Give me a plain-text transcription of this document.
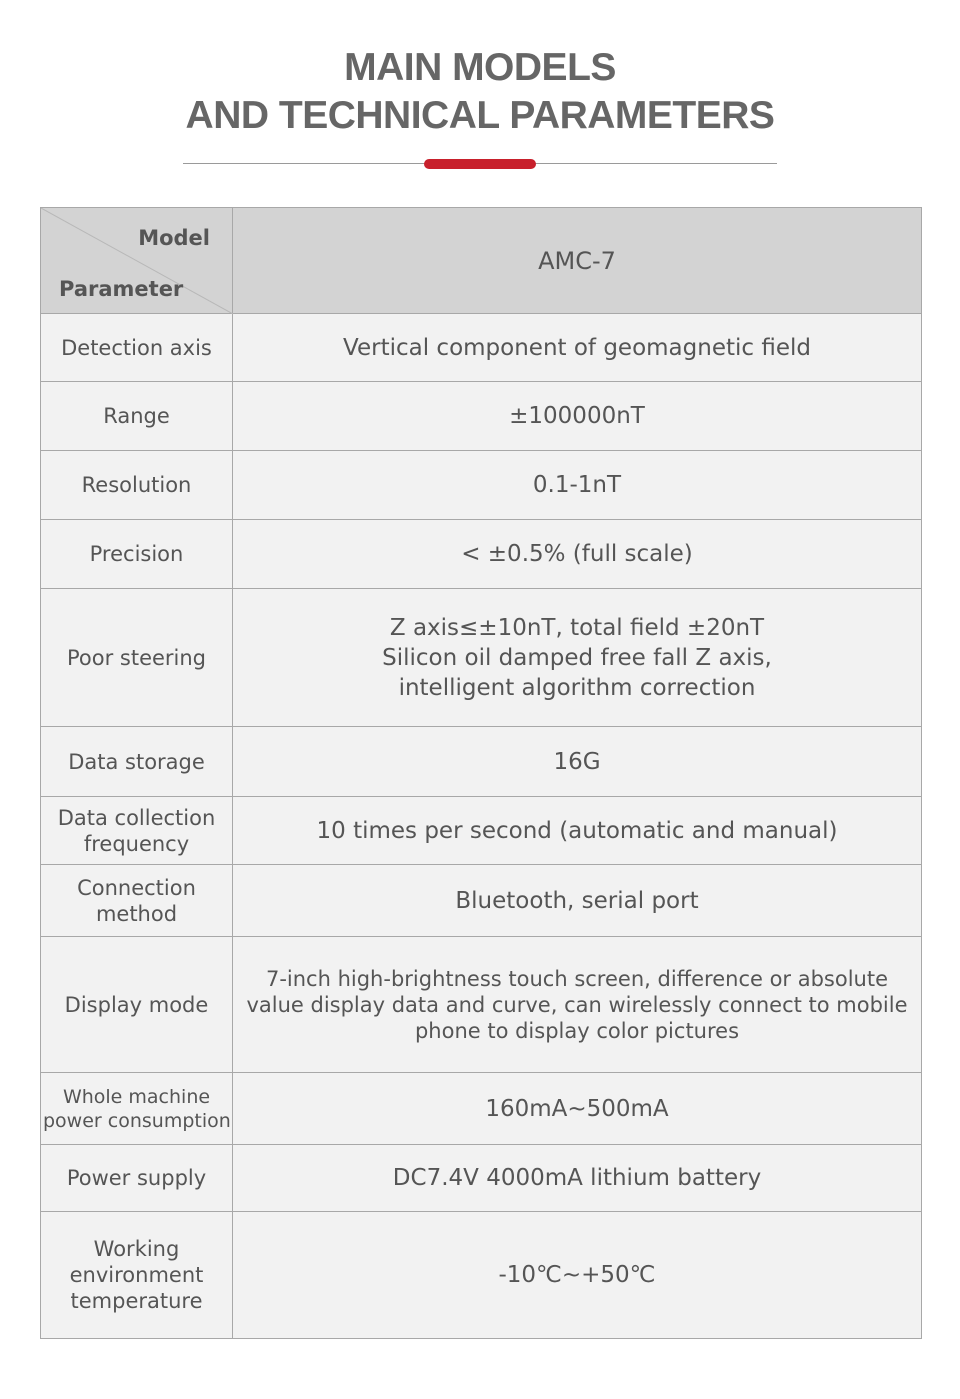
MAIN MODELS
AND TECHNICAL PARAMETERS
Model
Parameter	AMC-7

Detection axis	Vertical component of geomagnetic field

Range	±100000nT

Resolution	0.1-1nT

Precision	< ±0.5% (full scale)

Poor steering	Z axis≤±10nT, total field ±20nT
Silicon oil damped free fall Z axis,
intelligent algorithm correction

Data storage	16G

Data collection
frequency	10 times per second (automatic and manual)

Connection
method	Bluetooth, serial port

Display mode	7-inch high-brightness touch screen, difference or absolute
value display data and curve, can wirelessly connect to mobile
phone to display color pictures

Whole machine
power consumption	160mA~500mA

Power supply	DC7.4V 4000mA lithium battery

Working
environment
temperature	-10℃~+50℃
